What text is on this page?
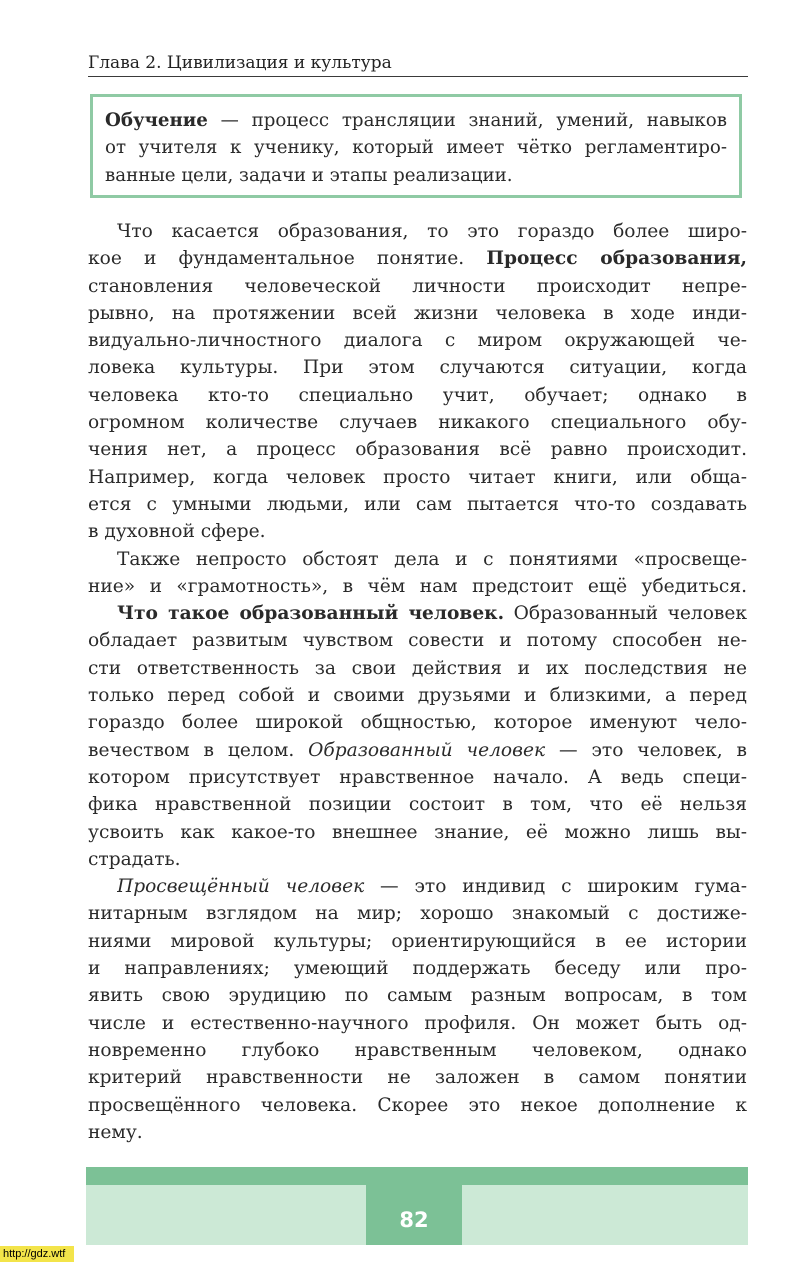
Глава 2. Цивилизация и культура
Обучение — процесс трансляции знаний, умений, навыков
от учителя к ученику, который имеет чётко регламентиро-
ванные цели, задачи и этапы реализации.
Что касается образования, то это гораздо более широ-
кое и фундаментальное понятие. Процесс образования,
становления человеческой личности происходит непре-
рывно, на протяжении всей жизни человека в ходе инди-
видуально-личностного диалога с миром окружающей че-
ловека культуры. При этом случаются ситуации, когда
человека кто-то специально учит, обучает; однако в
огромном количестве случаев никакого специального обу-
чения нет, а процесс образования всё равно происходит.
Например, когда человек просто читает книги, или обща-
ется с умными людьми, или сам пытается что-то создавать
в духовной сфере.
Также непросто обстоят дела и с понятиями «просвеще-
ние» и «грамотность», в чём нам предстоит ещё убедиться.
Что такое образованный человек. Образованный человек
обладает развитым чувством совести и потому способен не-
сти ответственность за свои действия и их последствия не
только перед собой и своими друзьями и близкими, а перед
гораздо более широкой общностью, которое именуют чело-
вечеством в целом. Образованный человек — это человек, в
котором присутствует нравственное начало. А ведь специ-
фика нравственной позиции состоит в том, что её нельзя
усвоить как какое-то внешнее знание, её можно лишь вы-
страдать.
Просвещённый человек — это индивид с широким гума-
нитарным взглядом на мир; хорошо знакомый с достиже-
ниями мировой культуры; ориентирующийся в ее истории
и направлениях; умеющий поддержать беседу или про-
явить свою эрудицию по самым разным вопросам, в том
числе и естественно-научного профиля. Он может быть од-
новременно глубоко нравственным человеком, однако
критерий нравственности не заложен в самом понятии
просвещённого человека. Скорее это некое дополнение к
нему.
82
http://gdz.wtf
